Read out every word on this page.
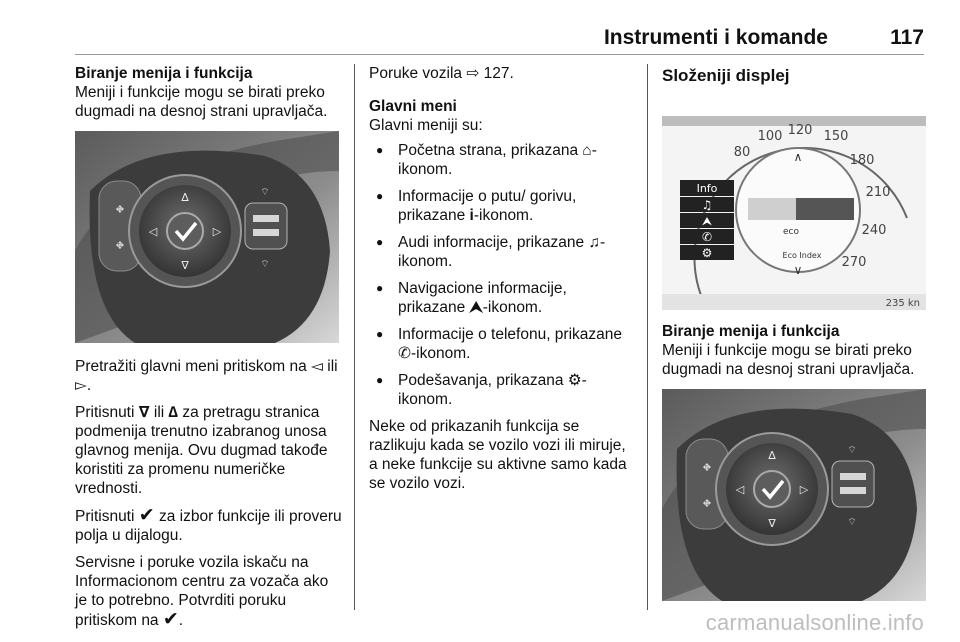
Instrumenti i komande	117
Biranje menija i funkcija

Meniji i funkcije mogu se birati preko dugmadi na desnoj strani upravljača.

⛖
⛖
∆
∇
◁	▷
⌔
⌔

Pretražiti glavni meni pritiskom na ◅ ili ▻.

Pritisnuti ∇ ili ∆ za pretragu stranica podmenija trenutno izabranog unosa glavnog menija. Ovu dugmad takođe koristiti za promenu numeričke vrednosti.

Pritisnuti ✔ za izbor funkcije ili proveru polja u dijalogu.

Servisne i poruke vozila iskaču na Informacionom centru za vozača ako je to potrebno. Potvrditi poruku pritiskom na ✔.

Poruke vozila ⇨ 127.

Glavni meni

Glavni meniji su:

● Početna strana, prikazana ⌂-ikonom.
● Informacije o putu/ gorivu, prikazane i-ikonom.
● Audi informacije, prikazane ♫-ikonom.
● Navigacione informacije, prikazane ⮝-ikonom.
● Informacije o telefonu, prikazane ✆-ikonom.
● Podešavanja, prikazana ⚙-ikonom.

Neke od prikazanih funkcija se razlikuju kada se vozilo vozi ili miruje, a neke funkcije su aktivne samo kada se vozilo vozi.

Složeniji displej
80
100 120 150
180
210
240
270
∧
eco
Eco Index
∨
Info
♫
⮝
✆
⚙
235 kn
Biranje menija i funkcija

Meniji i funkcije mogu se birati preko dugmadi na desnoj strani upravljača.

⛖
⛖
∆
∇
◁	▷
⌔
⌔
carmanualsonline.info
